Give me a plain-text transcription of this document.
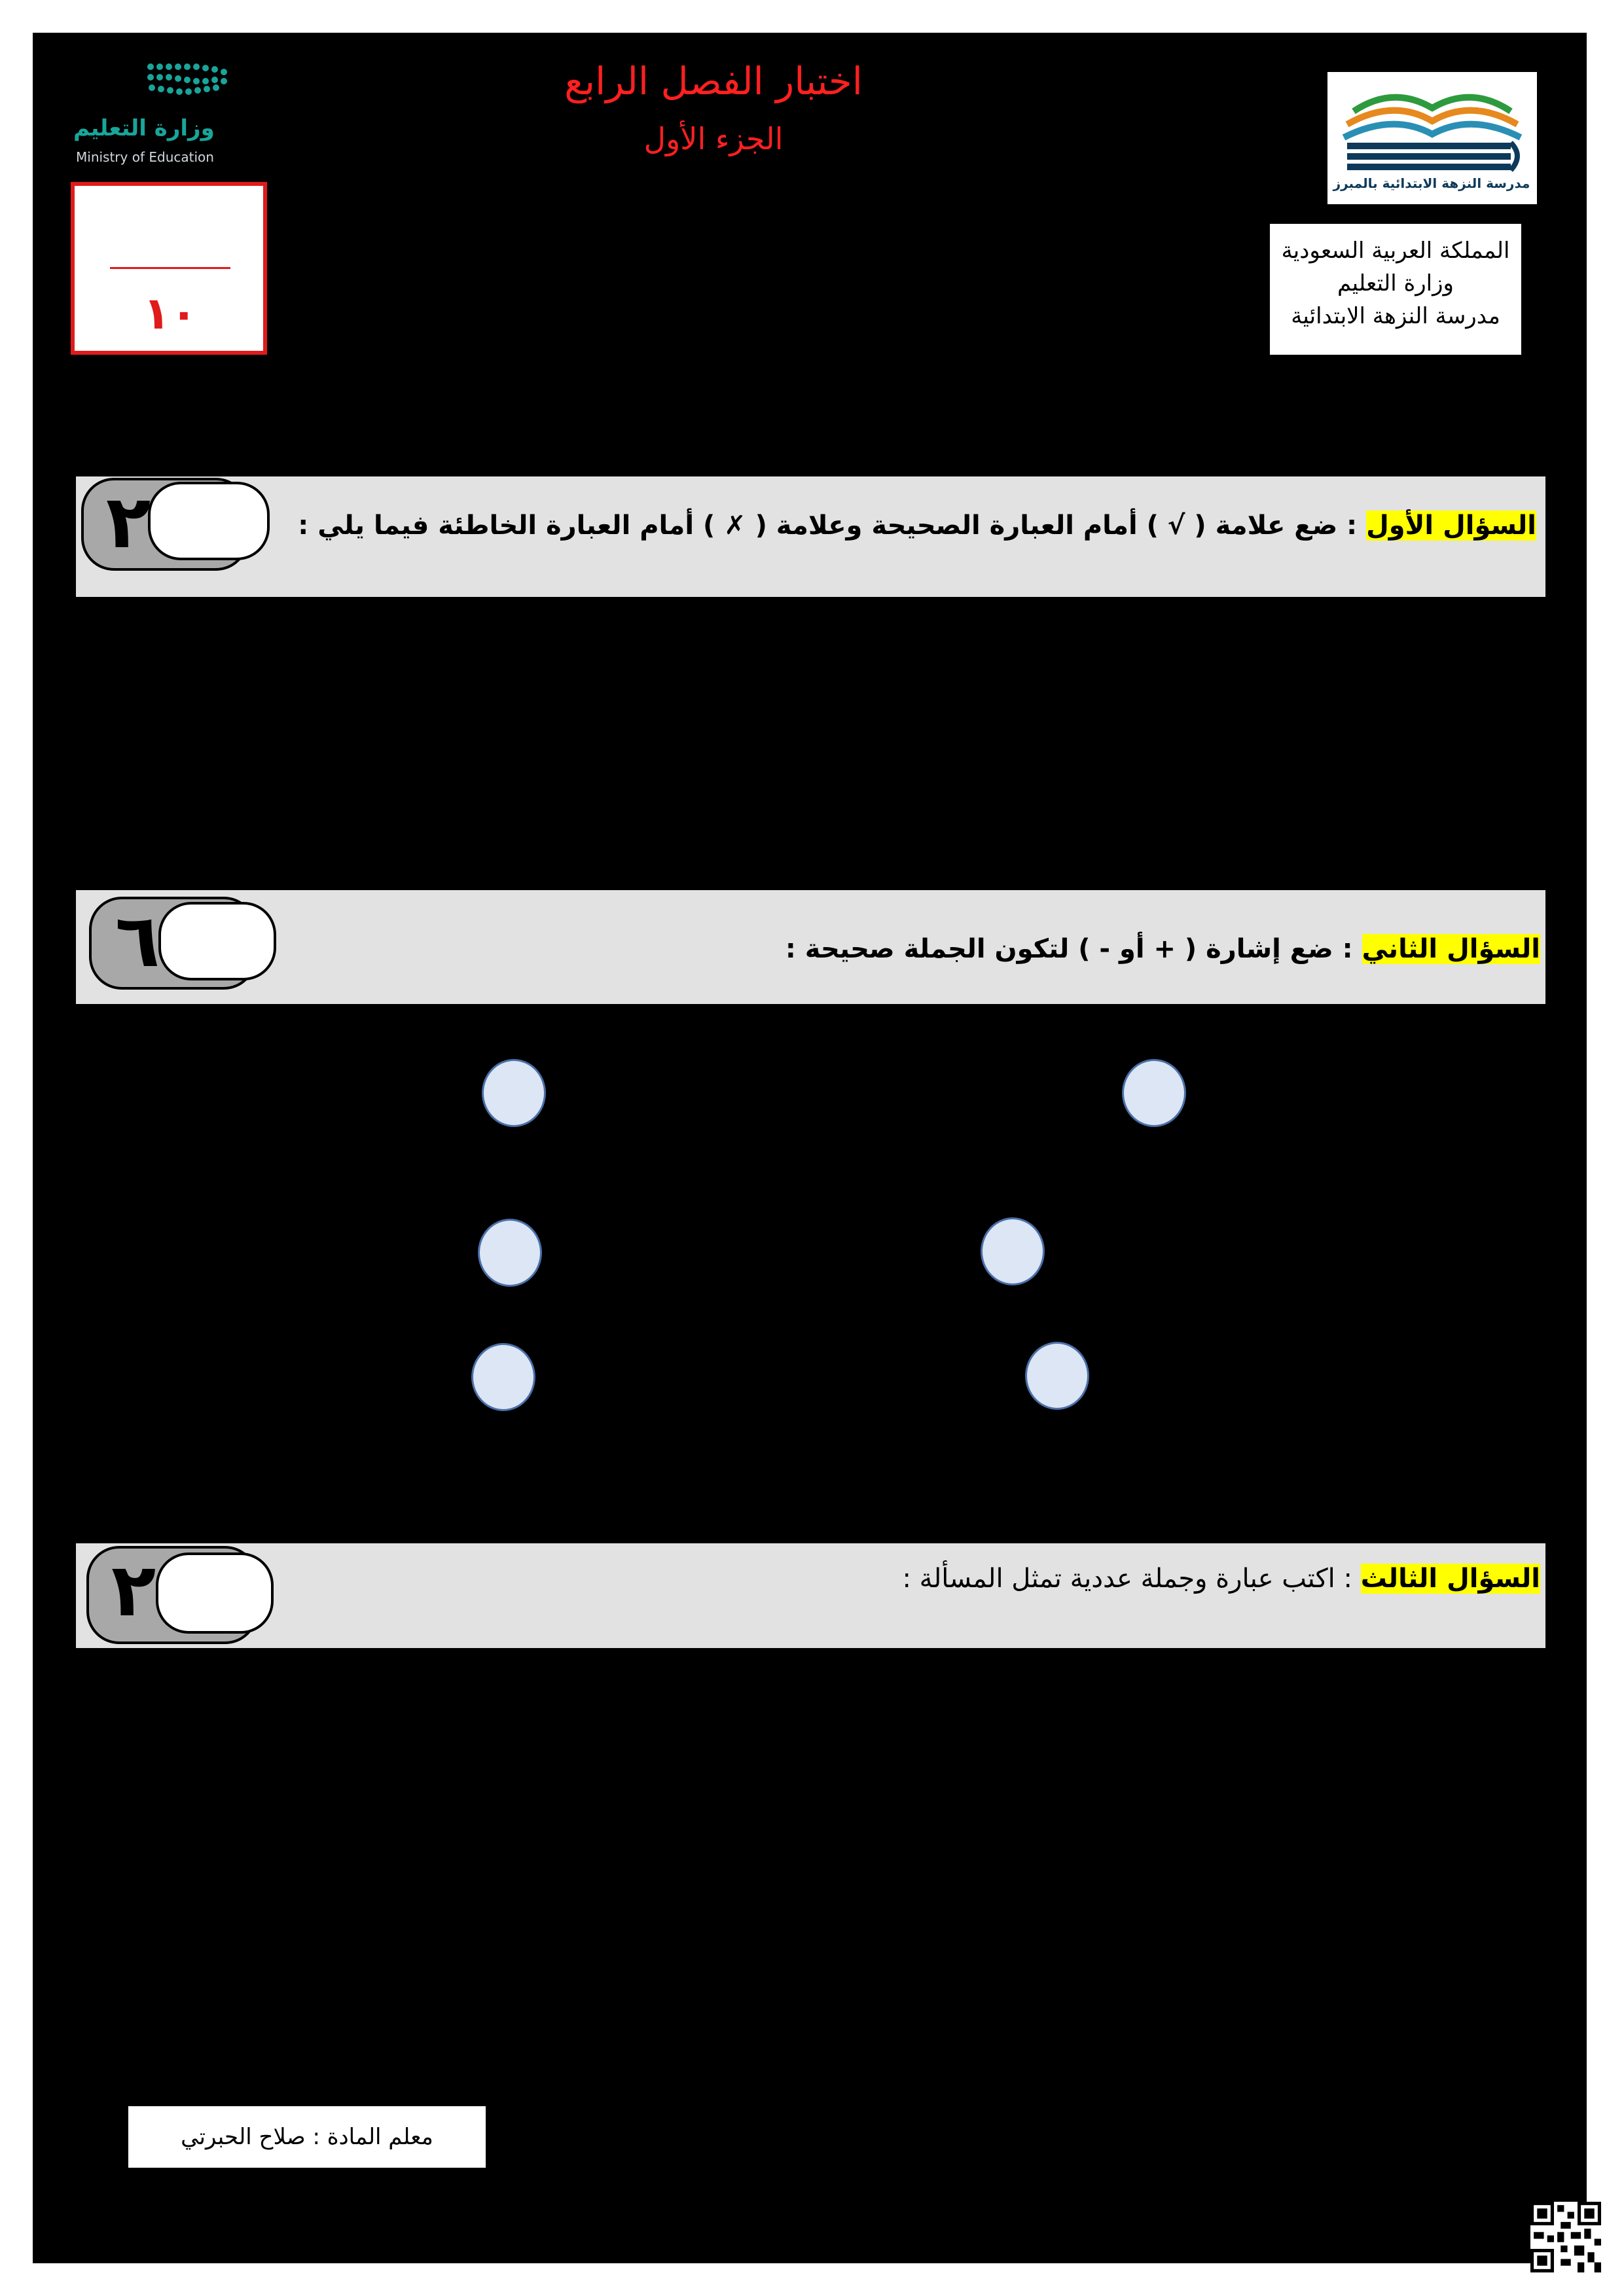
اختبار الفصل الرابع
الجزء الأول
وزارة التعليم
Ministry of Education
مدرسة النزهة الابتدائية بالمبرز
المملكة العربية السعودية
وزارة التعليم
مدرسة النزهة الابتدائية
١٠
٢	السؤال الأول : ضع علامة ( √ ) أمام العبارة الصحيحة وعلامة ( ✗ ) أمام العبارة الخاطئة فيما يلي :
٦	السؤال الثاني : ضع إشارة ( + أو - ) لتكون الجملة صحيحة :
٢	السؤال الثالث : اكتب عبارة وجملة عددية تمثل المسألة :
معلم المادة : صلاح الحبرتي
